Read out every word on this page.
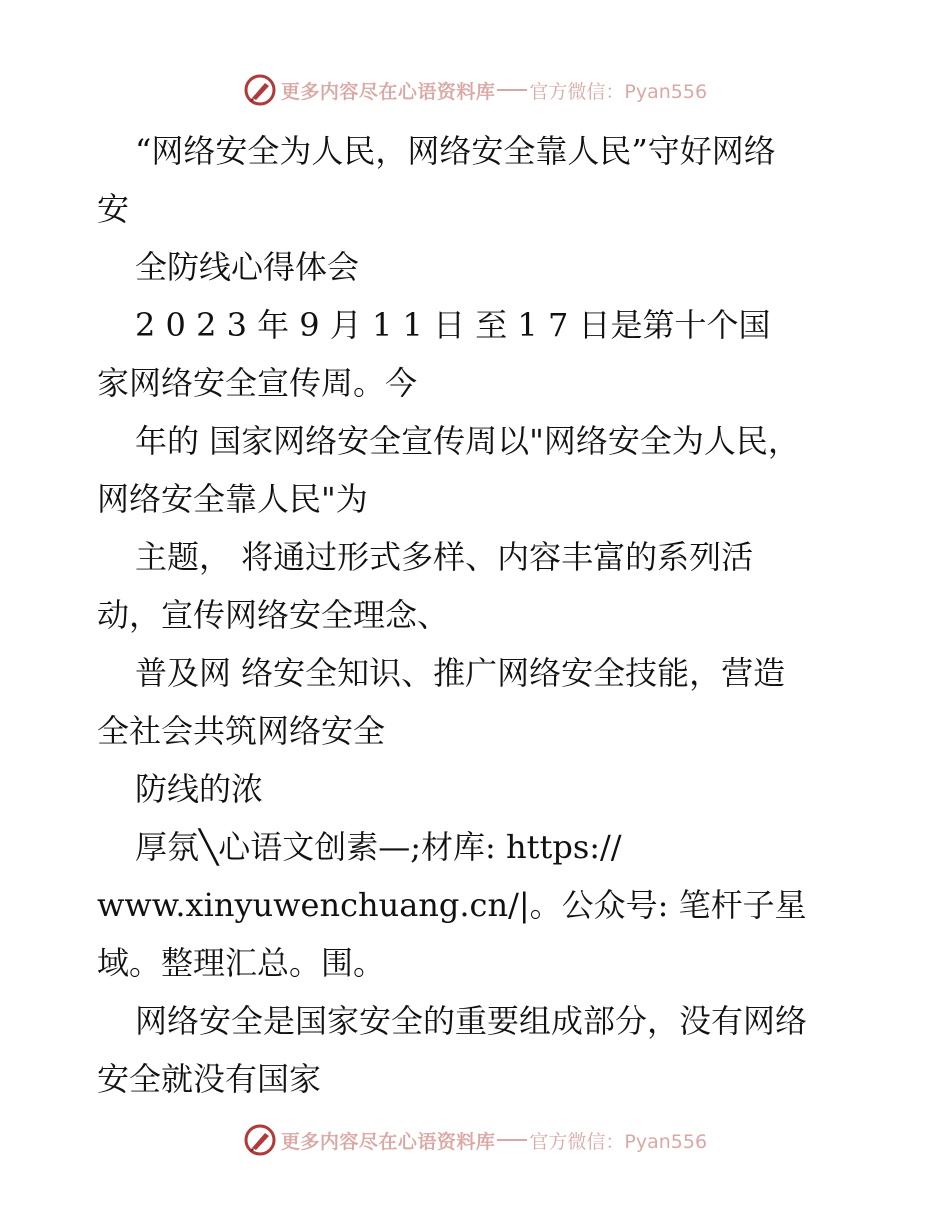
更多内容尽在心语资料库 官方微信：Pyan556
“网络安全为人民，网络安全靠人民”守好网络
安
全防线心得体会
2 0 2 3 年 9 月 1 1 日 至 1 7 日是第十个国
家网络安全宣传周。今
年的 国家网络安全宣传周以"网络安全为人民，
网络安全靠人民"为
主题， 将通过形式多样、内容丰富的系列活
动，宣传网络安全理念、
普及网 络安全知识、推广网络安全技能，营造
全社会共筑网络安全
防线的浓
厚氛╲心语文创素—;材库: https://
www.xinyuwenchuang.cn/|。公众号: 笔杆子星
域。整理汇总。围。
网络安全是国家安全的重要组成部分，没有网络
安全就没有国家
更多内容尽在心语资料库 官方微信：Pyan556
